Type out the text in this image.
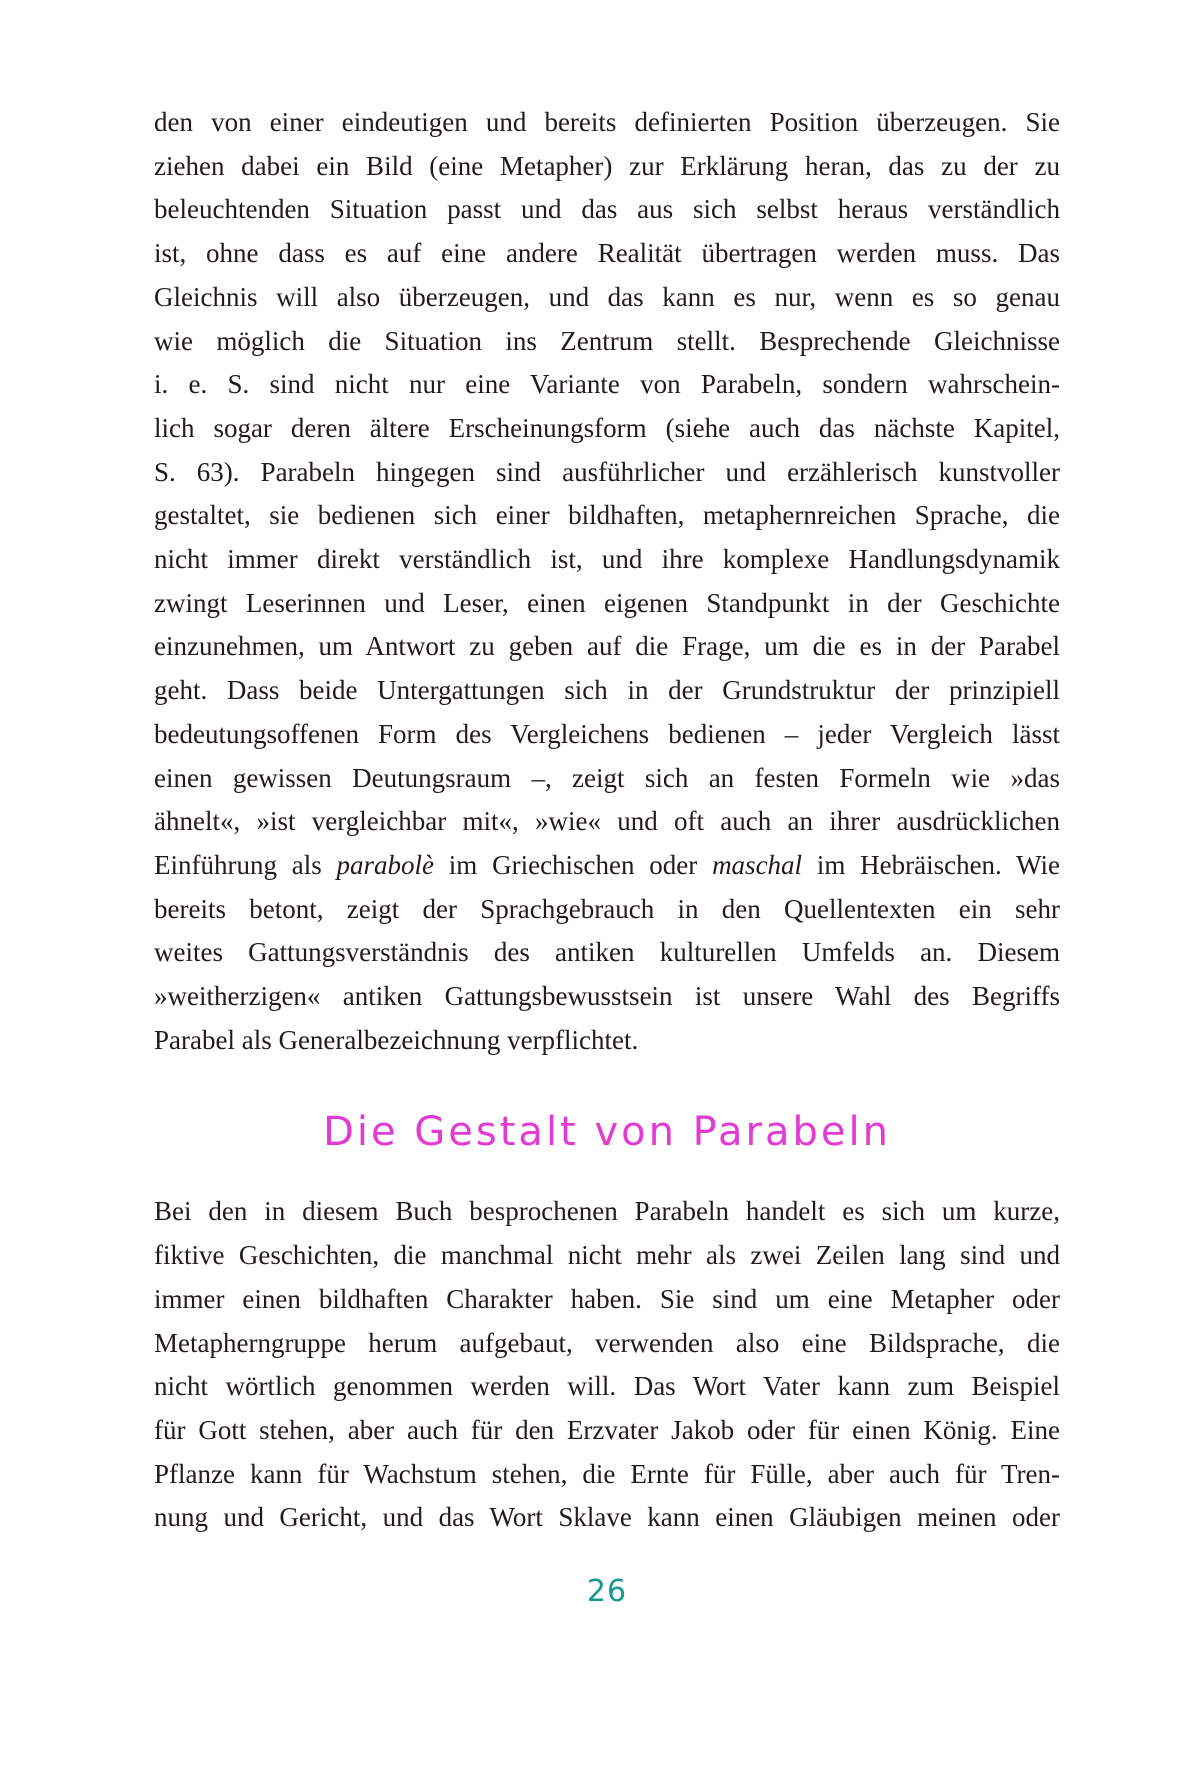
den von einer eindeutigen und bereits definierten Position überzeugen. Sie
ziehen dabei ein Bild (eine Metapher) zur Erklärung heran, das zu der zu
beleuchtenden Situation passt und das aus sich selbst heraus verständlich
ist, ohne dass es auf eine andere Realität übertragen werden muss. Das
Gleichnis will also überzeugen, und das kann es nur, wenn es so genau
wie möglich die Situation ins Zentrum stellt. Besprechende Gleichnisse
i. e. S. sind nicht nur eine Variante von Parabeln, sondern wahrschein-
lich sogar deren ältere Erscheinungsform (siehe auch das nächste Kapitel,
S. 63). Parabeln hingegen sind ausführlicher und erzählerisch kunstvoller
gestaltet, sie bedienen sich einer bildhaften, metaphernreichen Sprache, die
nicht immer direkt verständlich ist, und ihre komplexe Handlungsdynamik
zwingt Leserinnen und Leser, einen eigenen Standpunkt in der Geschichte
einzunehmen, um Antwort zu geben auf die Frage, um die es in der Parabel
geht. Dass beide Untergattungen sich in der Grundstruktur der prinzipiell
bedeutungsoffenen Form des Vergleichens bedienen – jeder Vergleich lässt
einen gewissen Deutungsraum –, zeigt sich an festen Formeln wie »das
ähnelt«, »ist vergleichbar mit«, »wie« und oft auch an ihrer ausdrücklichen
Einführung als parabolè im Griechischen oder maschal im Hebräischen. Wie
bereits betont, zeigt der Sprachgebrauch in den Quellentexten ein sehr
weites Gattungsverständnis des antiken kulturellen Umfelds an. Diesem
»weitherzigen« antiken Gattungsbewusstsein ist unsere Wahl des Begriffs
Parabel als Generalbezeichnung verpflichtet.
Die Gestalt von Parabeln
Bei den in diesem Buch besprochenen Parabeln handelt es sich um kurze,
fiktive Geschichten, die manchmal nicht mehr als zwei Zeilen lang sind und
immer einen bildhaften Charakter haben. Sie sind um eine Metapher oder
Metapherngruppe herum aufgebaut, verwenden also eine Bildsprache, die
nicht wörtlich genommen werden will. Das Wort Vater kann zum Beispiel
für Gott stehen, aber auch für den Erzvater Jakob oder für einen König. Eine
Pflanze kann für Wachstum stehen, die Ernte für Fülle, aber auch für Tren-
nung und Gericht, und das Wort Sklave kann einen Gläubigen meinen oder
26
